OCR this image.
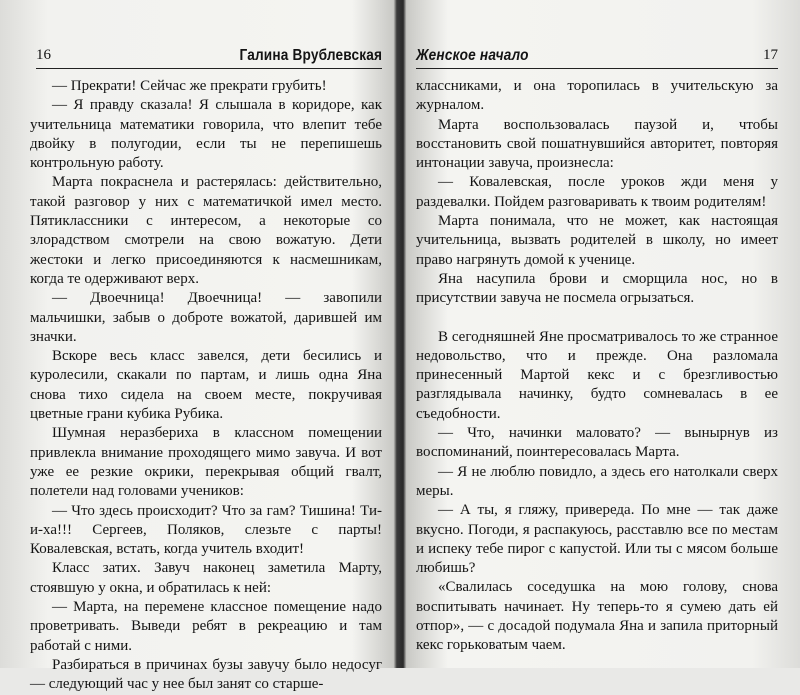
16	Галина Врублевская

— Прекрати! Сейчас же прекрати грубить!

— Я правду сказала! Я слышала в коридоре, как учительница математики говорила, что влепит тебе двойку в полугодии, если ты не перепишешь контрольную работу.

Марта покраснела и растерялась: действительно, такой разговор у них с математичкой имел место. Пятиклассники с интересом, а некоторые со злорадством смотрели на свою вожатую. Дети жестоки и легко присоединяются к насмешникам, когда те одерживают верх.

— Двоечница! Двоечница! — завопили мальчишки, забыв о доброте вожатой, дарившей им значки.

Вскоре весь класс завелся, дети бесились и куролесили, скакали по партам, и лишь одна Яна снова тихо сидела на своем месте, покручивая цветные грани кубика Рубика.

Шумная неразбериха в классном помещении привлекла внимание проходящего мимо завуча. И вот уже ее резкие окрики, перекрывая общий гвалт, полетели над головами учеников:

— Что здесь происходит? Что за гам? Тишина! Ти-и-ха!!! Сергеев, Поляков, слезьте с парты! Ковалевская, встать, когда учитель входит!

Класс затих. Завуч наконец заметила Марту, стоявшую у окна, и обратилась к ней:

— Марта, на перемене классное помещение надо проветривать. Выведи ребят в рекреацию и там работай с ними.

Разбираться в причинах бузы завучу было недосуг — следующий час у нее был занят со старше-

Женское начало	17

классниками, и она торопилась в учительскую за журналом.

Марта воспользовалась паузой и, чтобы восстановить свой пошатнувшийся авторитет, повторяя интонации завуча, произнесла:

— Ковалевская, после уроков жди меня у раздевалки. Пойдем разговаривать к твоим родителям!

Марта понимала, что не может, как настоящая учительница, вызвать родителей в школу, но имеет право нагрянуть домой к ученице.

Яна насупила брови и сморщила нос, но в присутствии завуча не посмела огрызаться.

В сегодняшней Яне просматривалось то же странное недовольство, что и прежде. Она разломала принесенный Мартой кекс и с брезгливостью разглядывала начинку, будто сомневалась в ее съедобности.

— Что, начинки маловато? — вынырнув из воспоминаний, поинтересовалась Марта.

— Я не люблю повидло, а здесь его натолкали сверх меры.

— А ты, я гляжу, привереда. По мне — так даже вкусно. Погоди, я распакуюсь, расставлю все по местам и испеку тебе пирог с капустой. Или ты с мясом больше любишь?

«Свалилась соседушка на мою голову, снова воспитывать начинает. Ну теперь-то я сумею дать ей отпор», — с досадой подумала Яна и запила приторный кекс горьковатым чаем.
